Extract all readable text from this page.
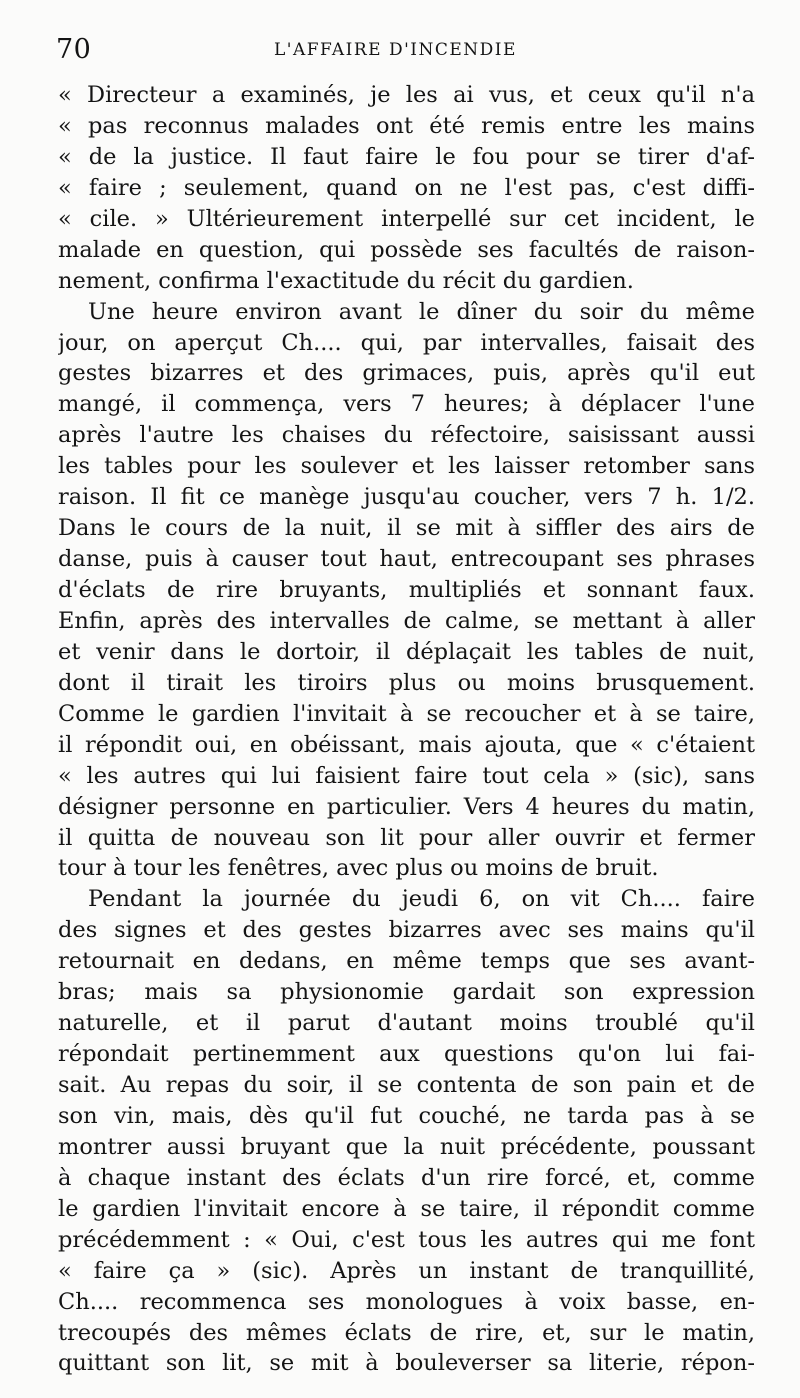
70	L'AFFAIRE D'INCENDIE
« Directeur a examinés, je les ai vus, et ceux qu'il n'a
« pas reconnus malades ont été remis entre les mains
« de la justice. Il faut faire le fou pour se tirer d'af-
« faire ; seulement, quand on ne l'est pas, c'est diffi-
« cile. » Ultérieurement interpellé sur cet incident, le
malade en question, qui possède ses facultés de raison-
nement, confirma l'exactitude du récit du gardien.
Une heure environ avant le dîner du soir du même
jour, on aperçut Ch.... qui, par intervalles, faisait des
gestes bizarres et des grimaces, puis, après qu'il eut
mangé, il commença, vers 7 heures; à déplacer l'une
après l'autre les chaises du réfectoire, saisissant aussi
les tables pour les soulever et les laisser retomber sans
raison. Il fit ce manège jusqu'au coucher, vers 7 h. 1/2.
Dans le cours de la nuit, il se mit à siffler des airs de
danse, puis à causer tout haut, entrecoupant ses phrases
d'éclats de rire bruyants, multipliés et sonnant faux.
Enfin, après des intervalles de calme, se mettant à aller
et venir dans le dortoir, il déplaçait les tables de nuit,
dont il tirait les tiroirs plus ou moins brusquement.
Comme le gardien l'invitait à se recoucher et à se taire,
il répondit oui, en obéissant, mais ajouta, que « c'étaient
« les autres qui lui faisient faire tout cela » (sic), sans
désigner personne en particulier. Vers 4 heures du matin,
il quitta de nouveau son lit pour aller ouvrir et fermer
tour à tour les fenêtres, avec plus ou moins de bruit.
Pendant la journée du jeudi 6, on vit Ch.... faire
des signes et des gestes bizarres avec ses mains qu'il
retournait en dedans, en même temps que ses avant-
bras; mais sa physionomie gardait son expression
naturelle, et il parut d'autant moins troublé qu'il
répondait pertinemment aux questions qu'on lui fai-
sait. Au repas du soir, il se contenta de son pain et de
son vin, mais, dès qu'il fut couché, ne tarda pas à se
montrer aussi bruyant que la nuit précédente, poussant
à chaque instant des éclats d'un rire forcé, et, comme
le gardien l'invitait encore à se taire, il répondit comme
précédemment : « Oui, c'est tous les autres qui me font
« faire ça » (sic). Après un instant de tranquillité,
Ch.... recommenca ses monologues à voix basse, en-
trecoupés des mêmes éclats de rire, et, sur le matin,
quittant son lit, se mit à bouleverser sa literie, répon-
